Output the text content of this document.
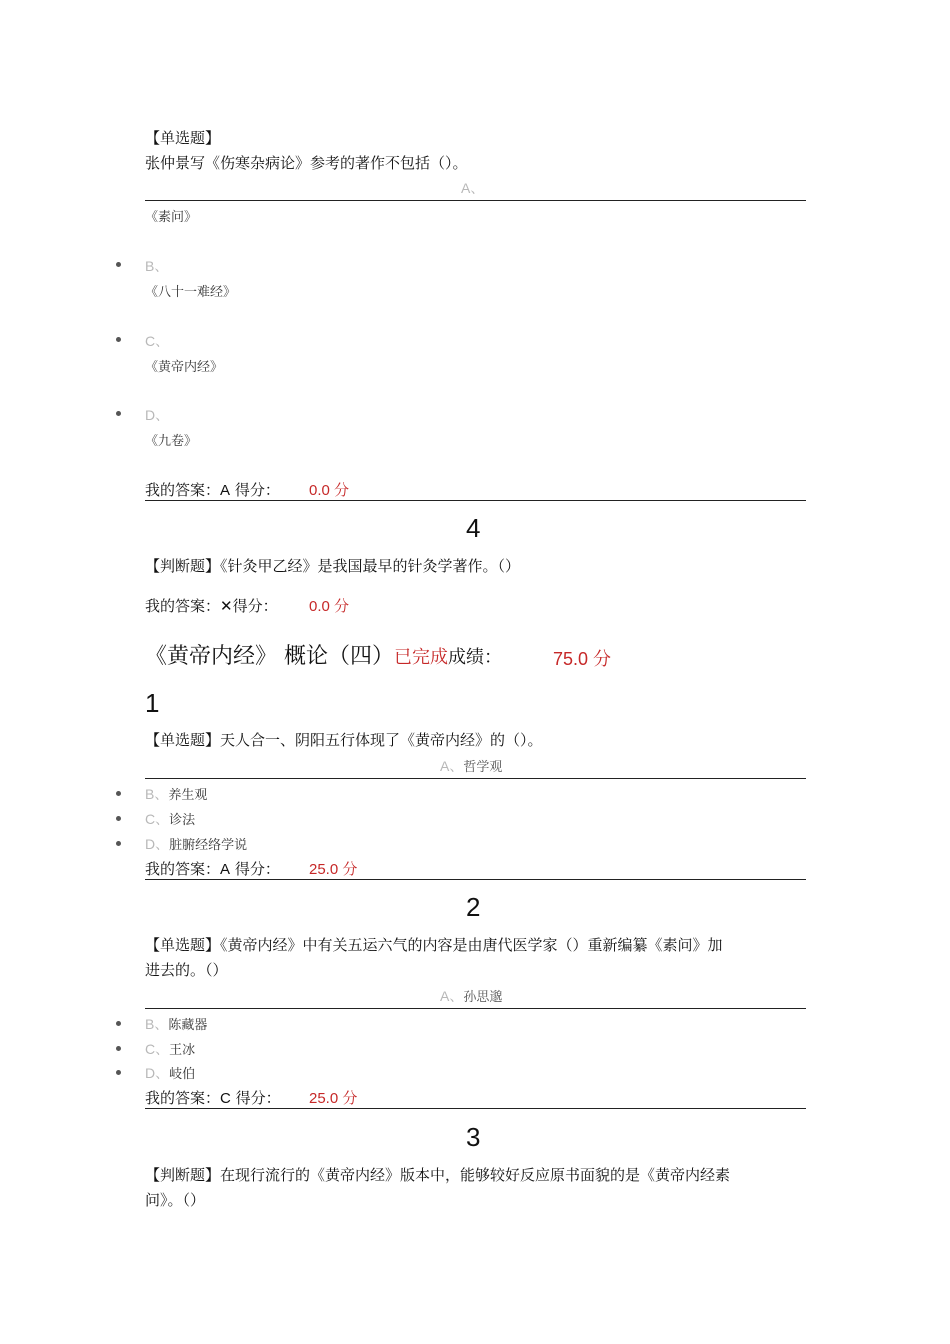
【单选题】
张仲景写《伤寒杂病论》参考的著作不包括（）。
A、
《素问》
B、
《八十一难经》
C、
《黄帝内经》
D、
《九卷》
我的答案：A 得分： 0.0 分
4
【判断题】《针灸甲乙经》是我国最早的针灸学著作。（）
我的答案：✕得分： 0.0 分
《黄帝内经》 概论（四）已完成成绩：	75.0 分
1
【单选题】天人合一、阴阳五行体现了《黄帝内经》的（）。
A、哲学观
B、养生观
C、诊法
D、脏腑经络学说
我的答案：A 得分： 25.0 分
2
【单选题】《黄帝内经》中有关五运六气的内容是由唐代医学家（）重新编纂《素问》加
进去的。（）
A、孙思邈
B、陈藏器
C、王冰
D、岐伯
我的答案：C 得分： 25.0 分
3
【判断题】在现行流行的《黄帝内经》版本中，能够较好反应原书面貌的是《黄帝内经素
问》。（）
